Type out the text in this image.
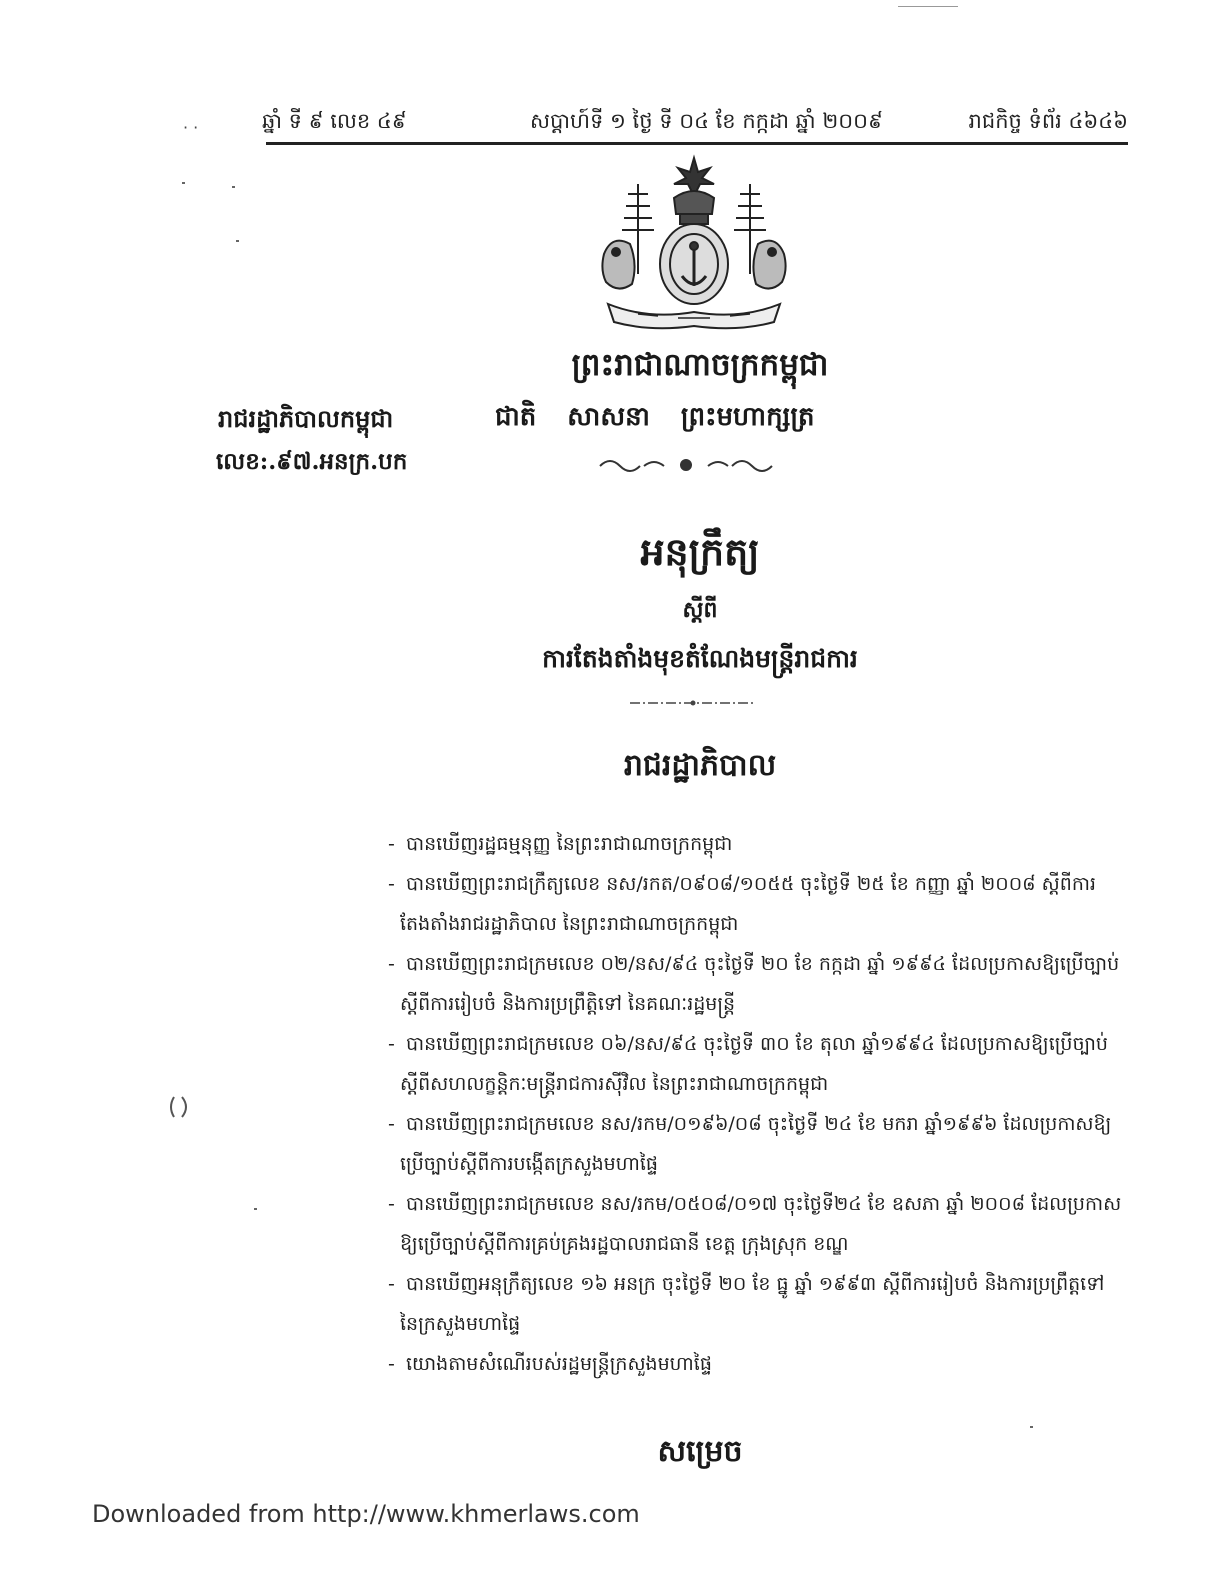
· ·	ឆ្នាំ ទី ៩ លេខ ៤៩	សប្តាហ៍ទី ១ ថ្ងៃ ទី ០៤ ខែ កក្កដា ឆ្នាំ ២០០៩	រាជកិច្ច ទំព័រ ៤៦៤៦
ព្រះរាជាណាចក្រកម្ពុជា
រាជរដ្ឋាភិបាលកម្ពុជា	ជាតិ សាសនា ព្រះមហាក្សត្រ
លេខ:.៩៧.អនក្រ.បក
អនុក្រឹត្យ
ស្តីពី
ការតែងតាំងមុខតំណែងមន្ត្រីរាជការ
រាជរដ្ឋាភិបាល
- បានឃើញរដ្ឋធម្មនុញ្ញ នៃព្រះរាជាណាចក្រកម្ពុជា
- បានឃើញព្រះរាជក្រឹត្យលេខ នស/រកត/០៩០៨/១០៥៥ ចុះថ្ងៃទី ២៥ ខែ កញ្ញា ឆ្នាំ ២០០៨ ស្តីពីការ
តែងតាំងរាជរដ្ឋាភិបាល នៃព្រះរាជាណាចក្រកម្ពុជា
- បានឃើញព្រះរាជក្រមលេខ ០២/នស/៩៤ ចុះថ្ងៃទី ២០ ខែ កក្កដា ឆ្នាំ ១៩៩៤ ដែលប្រកាសឱ្យប្រើច្បាប់
ស្តីពីការរៀបចំ និងការប្រព្រឹត្តិទៅ នៃគណៈរដ្ឋមន្ត្រី
- បានឃើញព្រះរាជក្រមលេខ ០៦/នស/៩៤ ចុះថ្ងៃទី ៣០ ខែ តុលា ឆ្នាំ១៩៩៤ ដែលប្រកាសឱ្យប្រើច្បាប់
ស្តីពីសហលក្ខន្តិកៈមន្ត្រីរាជការស៊ីវិល នៃព្រះរាជាណាចក្រកម្ពុជា
- បានឃើញព្រះរាជក្រមលេខ នស/រកម/០១៩៦/០៨ ចុះថ្ងៃទី ២៤ ខែ មករា ឆ្នាំ១៩៩៦ ដែលប្រកាសឱ្យ
ប្រើច្បាប់ស្តីពីការបង្កើតក្រសួងមហាផ្ទៃ
- បានឃើញព្រះរាជក្រមលេខ នស/រកម/០៥០៨/០១៧ ចុះថ្ងៃទី២៤ ខែ ឧសភា ឆ្នាំ ២០០៨ ដែលប្រកាស
ឱ្យប្រើច្បាប់ស្តីពីការគ្រប់គ្រងរដ្ឋបាលរាជធានី ខេត្ត ក្រុងស្រុក ខណ្ឌ
- បានឃើញអនុក្រឹត្យលេខ ១៦ អនក្រ ចុះថ្ងៃទី ២០ ខែ ធ្នូ ឆ្នាំ ១៩៩៣ ស្តីពីការរៀបចំ និងការប្រព្រឹត្តទៅ
នៃក្រសួងមហាផ្ទៃ
- យោងតាមសំណើរបស់រដ្ឋមន្ត្រីក្រសួងមហាផ្ទៃ
សម្រេច
Downloaded from http://www.khmerlaws.com
